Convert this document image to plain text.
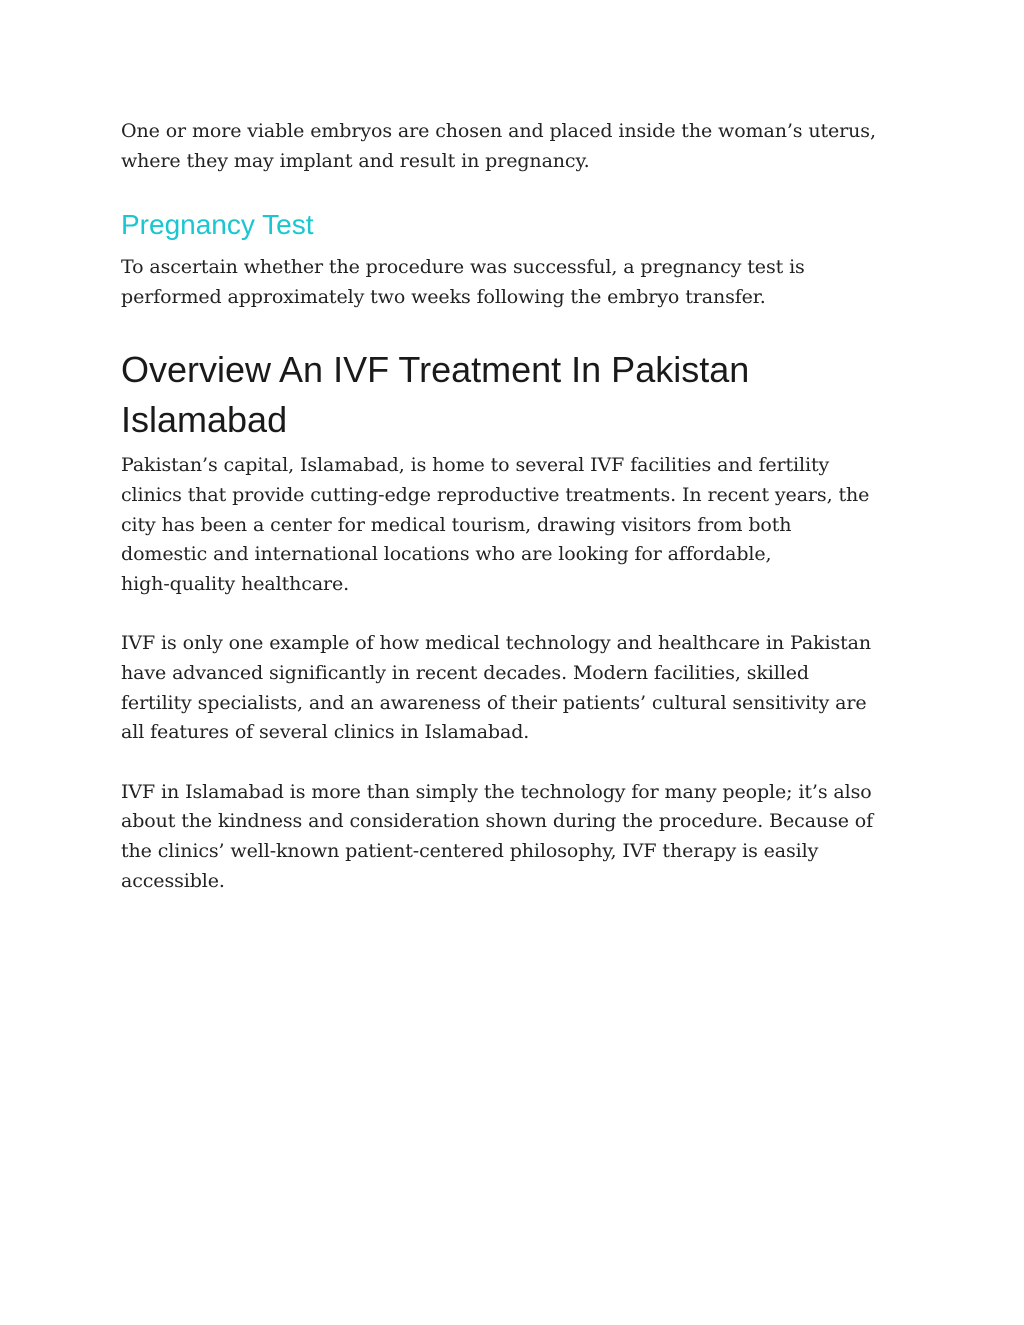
One or more viable embryos are chosen and placed inside the woman’s uterus,
where they may implant and result in pregnancy.

Pregnancy Test

To ascertain whether the procedure was successful, a pregnancy test is
performed approximately two weeks following the embryo transfer.

Overview An IVF Treatment In Pakistan
Islamabad

Pakistan’s capital, Islamabad, is home to several IVF facilities and fertility
clinics that provide cutting-edge reproductive treatments. In recent years, the
city has been a center for medical tourism, drawing visitors from both
domestic and international locations who are looking for affordable,
high-quality healthcare.

IVF is only one example of how medical technology and healthcare in Pakistan
have advanced significantly in recent decades. Modern facilities, skilled
fertility specialists, and an awareness of their patients’ cultural sensitivity are
all features of several clinics in Islamabad.

IVF in Islamabad is more than simply the technology for many people; it’s also
about the kindness and consideration shown during the procedure. Because of
the clinics’ well-known patient-centered philosophy, IVF therapy is easily
accessible.
